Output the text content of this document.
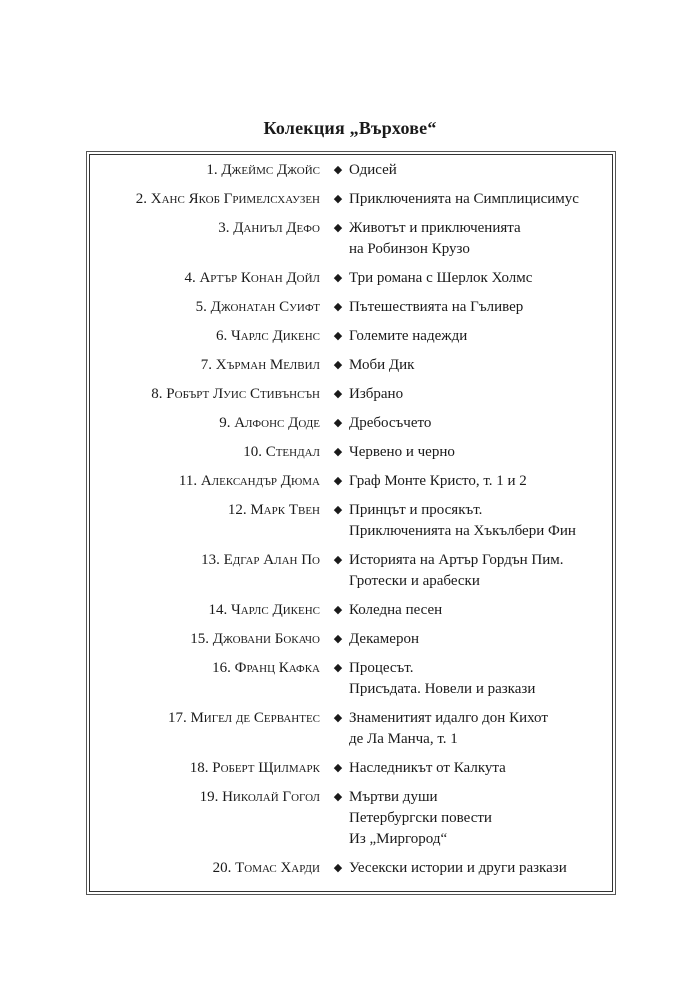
Колекция „Върхове“
1. Джеймс Джойс ◆ Одисей
2. Ханс Якоб Гримелсхаузен ◆ Приключенията на Симплицисимус
3. Даниъл Дефо ◆ Животът и приключенията
на Робинзон Крузо
4. Артър Конан Дойл ◆ Три романа с Шерлок Холмс
5. Джонатан Суифт ◆ Пътешествията на Гъливер
6. Чарлс Дикенс ◆ Големите надежди
7. Хърман Мелвил ◆ Моби Дик
8. Робърт Луис Стивънсън ◆ Избрано
9. Алфонс Доде ◆ Дребосъчето
10. Стендал ◆ Червено и черно
11. Александър Дюма ◆ Граф Монте Кристо, т. 1 и 2
12. Марк Твен ◆ Принцът и просякът.
Приключенията на Хъкълбери Фин
13. Едгар Алан По ◆ Историята на Артър Гордън Пим.
Гротески и арабески
14. Чарлс Дикенс ◆ Коледна песен
15. Джовани Бокачо ◆ Декамерон
16. Франц Кафка ◆ Процесът.
Присъдата. Новели и разкази
17. Мигел де Сервантес ◆ Знаменитият идалго дон Кихот
де Ла Манча, т. 1
18. Роберт Щилмарк ◆ Наследникът от Калкута
19. Николай Гогол ◆ Мъртви души
Петербургски повести
Из „Миргород“
20. Томас Харди ◆ Уесекски истории и други разкази
